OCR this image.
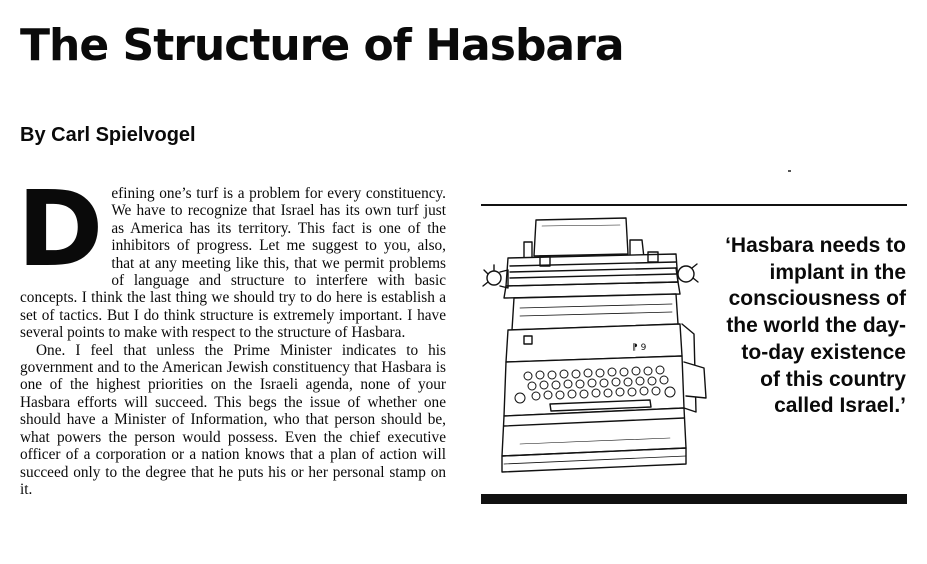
The Structure of Hasbara
By Carl Spielvogel

Defining one’s turf is a problem for every constituency. We have to recognize that Israel has its own turf just as America has its territory. This fact is one of the inhibitors of progress. Let me suggest to you, also, that at any meeting like this, that we permit problems of language and structure to interfere with basic concepts. I think the last thing we should try to do here is establish a set of tactics. But I do think structure is extremely important. I have several points to make with respect to the structure of Hasbara.

One. I feel that unless the Prime Minister indicates to his government and to the American Jewish constituency that Hasbara is one of the highest priorities on the Israeli agenda, none of your Hasbara efforts will succeed. This begs the issue of whether one should have a Minister of Information, who that person should be, what powers the person would possess. Even the chief executive officer of a corporation or a nation knows that a plan of action will succeed only to the degree that he puts his or her personal stamp on it.

⁋ 9
‘Hasbara needs to implant in the consciousness of the world the day-to-day existence of this country called Israel.’
